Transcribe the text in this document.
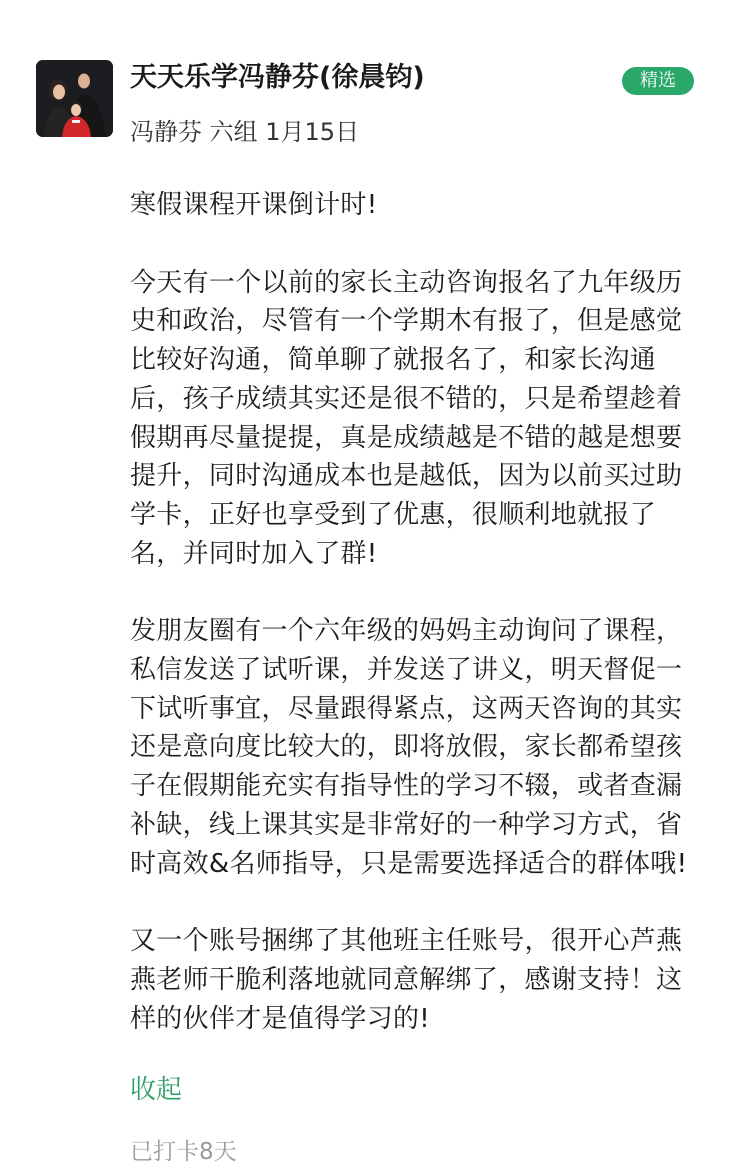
天天乐学冯静芬(徐晨钧)	精选
冯静芬 六组 1月15日

寒假课程开课倒计时!

今天有一个以前的家长主动咨询报名了九年级历史和政治，尽管有一个学期木有报了，但是感觉比较好沟通，简单聊了就报名了，和家长沟通后，孩子成绩其实还是很不错的，只是希望趁着假期再尽量提提，真是成绩越是不错的越是想要提升，同时沟通成本也是越低，因为以前买过助学卡，正好也享受到了优惠，很顺利地就报了名，并同时加入了群!

发朋友圈有一个六年级的妈妈主动询问了课程，私信发送了试听课，并发送了讲义，明天督促一下试听事宜，尽量跟得紧点，这两天咨询的其实还是意向度比较大的，即将放假，家长都希望孩子在假期能充实有指导性的学习不辍，或者查漏补缺，线上课其实是非常好的一种学习方式，省时高效&名师指导，只是需要选择适合的群体哦!

又一个账号捆绑了其他班主任账号，很开心芦燕燕老师干脆利落地就同意解绑了，感谢支持！这样的伙伴才是值得学习的!

收起
已打卡8天
